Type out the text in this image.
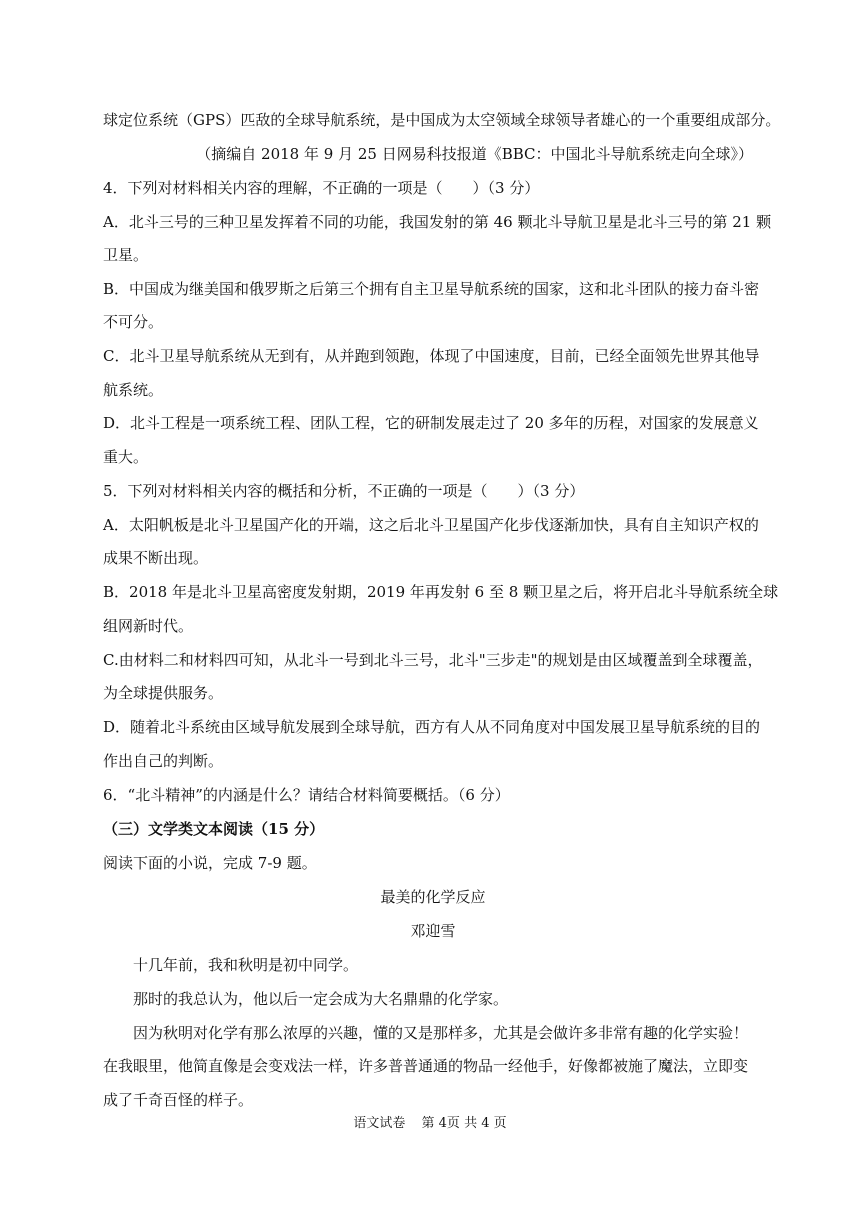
球定位系统（GPS）匹敌的全球导航系统，是中国成为太空领域全球领导者雄心的一个重要组成部分。
（摘编自 2018 年 9 月 25 日网易科技报道《BBC：中国北斗导航系统走向全球》）
4．下列对材料相关内容的理解，不正确的一项是（　　）（3 分）
A．北斗三号的三种卫星发挥着不同的功能，我国发射的第 46 颗北斗导航卫星是北斗三号的第 21 颗
卫星。
B．中国成为继美国和俄罗斯之后第三个拥有自主卫星导航系统的国家，这和北斗团队的接力奋斗密
不可分。
C．北斗卫星导航系统从无到有，从并跑到领跑，体现了中国速度，目前，已经全面领先世界其他导
航系统。
D．北斗工程是一项系统工程、团队工程，它的研制发展走过了 20 多年的历程，对国家的发展意义
重大。
5．下列对材料相关内容的概括和分析，不正确的一项是（　　）（3 分）
A．太阳帆板是北斗卫星国产化的开端，这之后北斗卫星国产化步伐逐渐加快，具有自主知识产权的
成果不断出现。
B．2018 年是北斗卫星高密度发射期，2019 年再发射 6 至 8 颗卫星之后，将开启北斗导航系统全球
组网新时代。
C.由材料二和材料四可知，从北斗一号到北斗三号，北斗"三步走"的规划是由区域覆盖到全球覆盖，
为全球提供服务。
D．随着北斗系统由区域导航发展到全球导航，西方有人从不同角度对中国发展卫星导航系统的目的
作出自己的判断。
6．“北斗精神”的内涵是什么？请结合材料简要概括。（6 分）
（三）文学类文本阅读（15 分）
阅读下面的小说，完成 7-9 题。
最美的化学反应
邓迎雪
十几年前，我和秋明是初中同学。
那时的我总认为，他以后一定会成为大名鼎鼎的化学家。
因为秋明对化学有那么浓厚的兴趣，懂的又是那样多，尤其是会做许多非常有趣的化学实验！
在我眼里，他简直像是会变戏法一样，许多普普通通的物品一经他手，好像都被施了魔法，立即变
成了千奇百怪的样子。
语文试卷 第 4页 共 4 页
